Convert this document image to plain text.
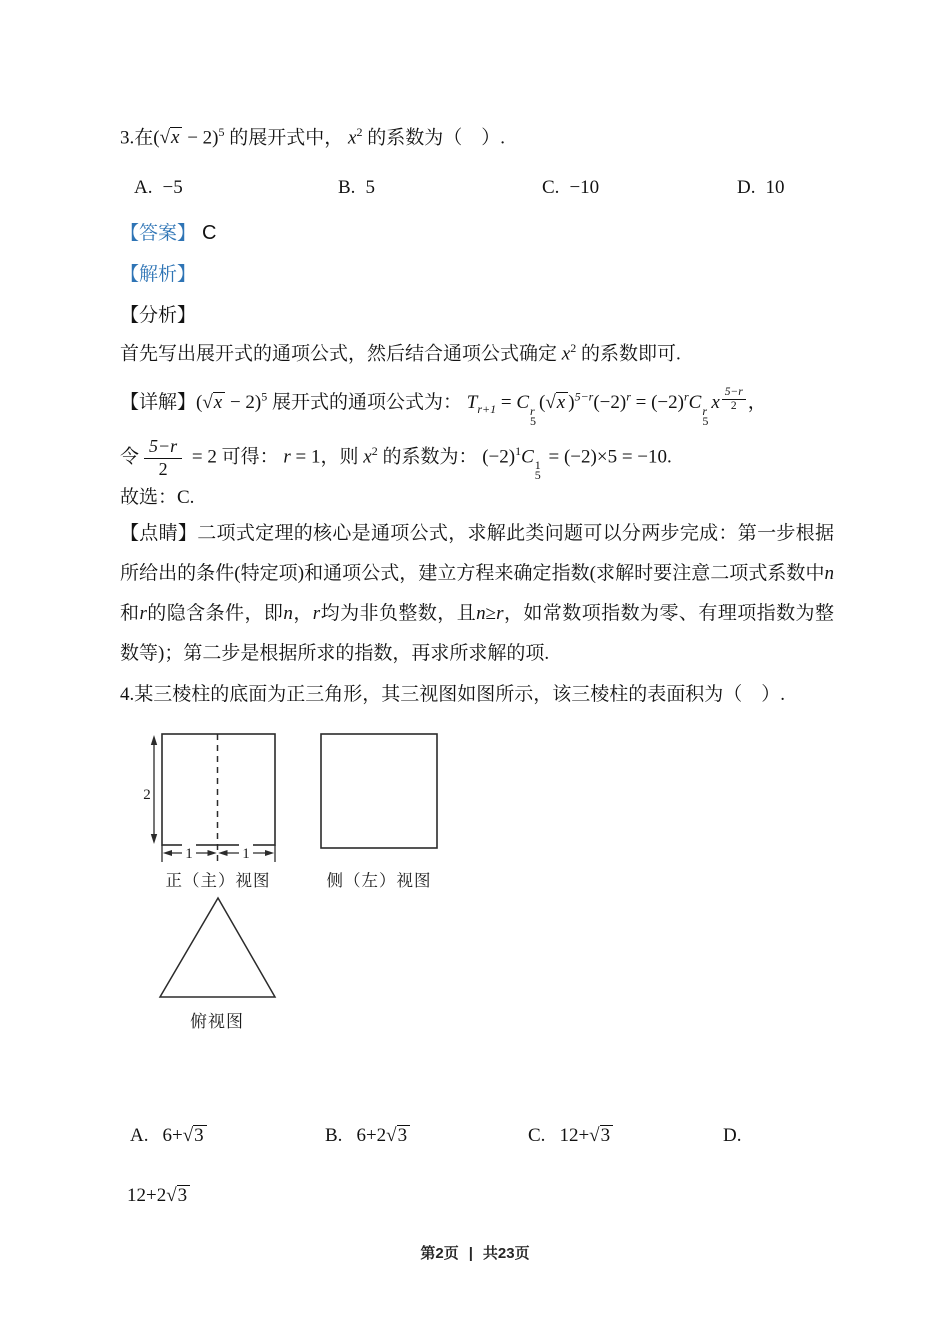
3.在( √ x − 2)$^5$ 的展开式中， $x^2$ 的系数为（　）.
A. −5	B. 5	C. −10	D. 10
【答案】 C
【解析】
【分析】
首先写出展开式的通项公式，然后结合通项公式确定 $x^2$ 的系数即可.
【详解】( √ x − 2)$^5$ 展开式的通项公式为： $T_{r+1} = C$ r
5
( √ x )$^{5-r}(-2)^r = (-2)^rC$ r
5
x $\frac{5-r}{2}$ ，
令 $\frac{5-r}{2} = 2$ 可得： r = 1，则 $x^2$ 的系数为： $(-2)^1C$ 1
5
= (−2)×5 = −10.
故选：C.
【点睛】二项式定理的核心是通项公式，求解此类问题可以分两步完成：第一步根据所给出的条件(特定项)和通项公式，建立方程来确定指数(求解时要注意二项式系数中n和r的隐含条件，即n，r均为非负整数，且n≥r，如常数项指数为零、有理项指数为整数等)；第二步是根据所求的指数，再求所求解的项.
4.某三棱柱的底面为正三角形，其三视图如图所示，该三棱柱的表面积为（　）.
2
1	1
正（主）视图	侧（左）视图
俯视图
A. 6+ √ 3	B. 6+2 √ 3	C. 12+ √ 3	D.
12+2 √ 3
第2页 | 共23页
